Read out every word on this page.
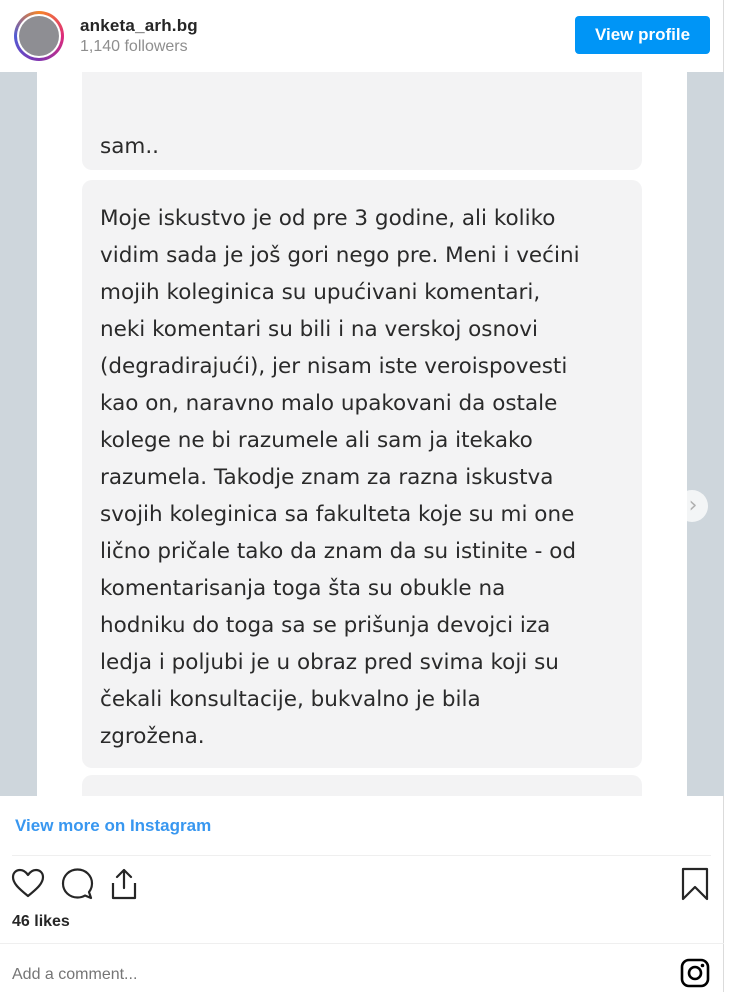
anketa_arh.bg
1,140 followers
View profile
sam..
Moje iskustvo je od pre 3 godine, ali koliko
vidim sada je još gori nego pre. Meni i većini
mojih koleginica su upućivani komentari,
neki komentari su bili i na verskoj osnovi
(degradirajući), jer nisam iste veroispovesti
kao on, naravno malo upakovani da ostale
kolege ne bi razumele ali sam ja itekako
razumela. Takodje znam za razna iskustva
svojih koleginica sa fakulteta koje su mi one
lično pričale tako da znam da su istinite - od
komentarisanja toga šta su obukle na
hodniku do toga sa se prišunja devojci iza
ledja i poljubi je u obraz pred svima koji su
čekali konsultacije, bukvalno je bila
zgrožena.
›
View more on Instagram
46 likes
Add a comment...
